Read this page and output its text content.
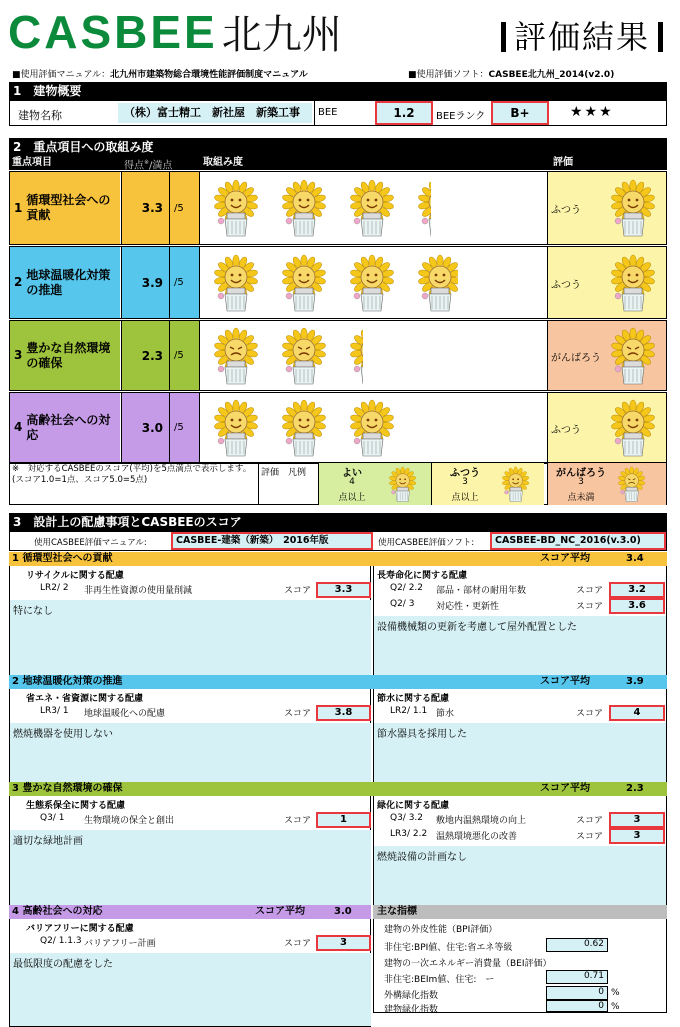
CASBEE 北九州	評価結果
■使用評価マニュアル：北九州市建築物総合環境性能評価制度マニュアル	■使用評価ソフト：CASBEE北九州_2014(v2.0)
1　建物概要
建物名称	（株）富士精工　新社屋　新築工事	BEE	1.2	BEEランク	B+	★★★
2　重点項目への取組み度
重点項目	得点※/満点	取組み度	評価
1
循環型社会への貢献	3.3	/5	ふつう
2
地球温暖化対策の推進	3.9	/5	ふつう
3
豊かな自然環境の確保	2.3	/5	がんばろう
4
高齢社会への対応	3.0	/5	ふつう
※　 対応するCASBEEのスコア(平均)を5点満点で表示します。(スコア1.0=1点、スコア5.0=5点)
評価　凡例	よい
4
点以上
ふつう
3
点以上
がんばろう
3
点未満
3　設計上の配慮事項とCASBEEのスコア
使用CASBEE評価マニュアル:	CASBEE-建築（新築）　2016年版	使用CASBEE評価ソフト:	CASBEE-BD_NC_2016(v.3.0)
1 循環型社会への貢献	スコア平均	3.4
リサイクルに関する配慮
LR2/ 2 非再生性資源の使用量削減	スコア	3.3
特になし
長寿命化に関する配慮
Q2/ 2.2 部品・部材の耐用年数	スコア	3.2
Q2/ 3 対応性・更新性	スコア	3.6
設備機械類の更新を考慮して屋外配置とした
2 地球温暖化対策の推進	スコア平均	3.9
省エネ・省資源に関する配慮
LR3/ 1 地球温暖化への配慮	スコア	3.8
燃焼機器を使用しない
節水に関する配慮
LR2/ 1.1 節水	スコア	4
節水器具を採用した
3 豊かな自然環境の確保	スコア平均	2.3
生態系保全に関する配慮
Q3/ 1 生物環境の保全と創出	スコア	1
適切な緑地計画
緑化に関する配慮
Q3/ 3.2 敷地内温熱環境の向上	スコア	3
LR3/ 2.2 温熱環境悪化の改善	スコア	3
燃焼設備の計画なし
4 高齢社会への対応	スコア平均	3.0
バリアフリーに関する配慮
Q2/ 1.1.3 バリアフリー計画	スコア	3
最低限度の配慮をした
主な指標
建物の外皮性能（BPI評価）
非住宅:BPI値、住宅:省エネ等級	0.62
建物の一次エネルギー消費量（BEI評価）
非住宅:BEIm値、住宅:　ー	0.71
外構緑化指数	0 %
建物緑化指数	0 %
